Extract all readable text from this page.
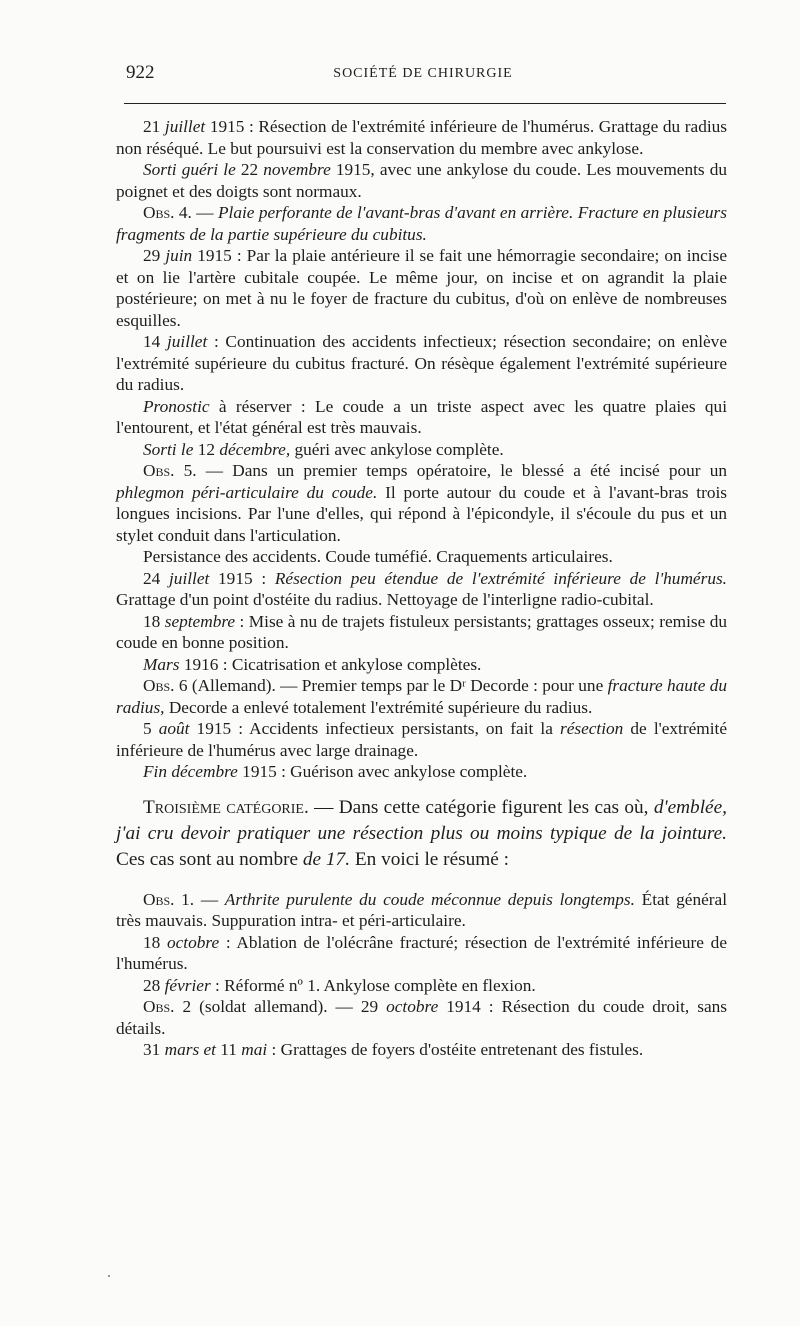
922	SOCIÉTÉ DE CHIRURGIE

21 juillet 1915 : Résection de l'extrémité inférieure de l'humérus. Grattage du radius non réséqué. Le but poursuivi est la conservation du membre avec ankylose.

Sorti guéri le 22 novembre 1915, avec une ankylose du coude. Les mouvements du poignet et des doigts sont normaux.

Obs. 4. — Plaie perforante de l'avant-bras d'avant en arrière. Fracture en plusieurs fragments de la partie supérieure du cubitus.

29 juin 1915 : Par la plaie antérieure il se fait une hémorragie secondaire; on incise et on lie l'artère cubitale coupée. Le même jour, on incise et on agrandit la plaie postérieure; on met à nu le foyer de fracture du cubitus, d'où on enlève de nombreuses esquilles.

14 juillet : Continuation des accidents infectieux; résection secondaire; on enlève l'extrémité supérieure du cubitus fracturé. On résèque également l'extrémité supérieure du radius.

Pronostic à réserver : Le coude a un triste aspect avec les quatre plaies qui l'entourent, et l'état général est très mauvais.

Sorti le 12 décembre, guéri avec ankylose complète.

Obs. 5. — Dans un premier temps opératoire, le blessé a été incisé pour un phlegmon péri-articulaire du coude. Il porte autour du coude et à l'avant-bras trois longues incisions. Par l'une d'elles, qui répond à l'épicondyle, il s'écoule du pus et un stylet conduit dans l'articulation.

Persistance des accidents. Coude tuméfié. Craquements articulaires.

24 juillet 1915 : Résection peu étendue de l'extrémité inférieure de l'humérus. Grattage d'un point d'ostéite du radius. Nettoyage de l'interligne radio-cubital.

18 septembre : Mise à nu de trajets fistuleux persistants; grattages osseux; remise du coude en bonne position.

Mars 1916 : Cicatrisation et ankylose complètes.

Obs. 6 (Allemand). — Premier temps par le Dʳ Decorde : pour une fracture haute du radius, Decorde a enlevé totalement l'extrémité supérieure du radius.

5 août 1915 : Accidents infectieux persistants, on fait la résection de l'extrémité inférieure de l'humérus avec large drainage.

Fin décembre 1915 : Guérison avec ankylose complète.

Troisième catégorie. — Dans cette catégorie figurent les cas où, d'emblée, j'ai cru devoir pratiquer une résection plus ou moins typique de la jointure. Ces cas sont au nombre de 17. En voici le résumé :

Obs. 1. — Arthrite purulente du coude méconnue depuis longtemps. État général très mauvais. Suppuration intra- et péri-articulaire.

18 octobre : Ablation de l'olécrâne fracturé; résection de l'extrémité inférieure de l'humérus.

28 février : Réformé nº 1. Ankylose complète en flexion.

Obs. 2 (soldat allemand). — 29 octobre 1914 : Résection du coude droit, sans détails.

31 mars et 11 mai : Grattages de foyers d'ostéite entretenant des fistules.
